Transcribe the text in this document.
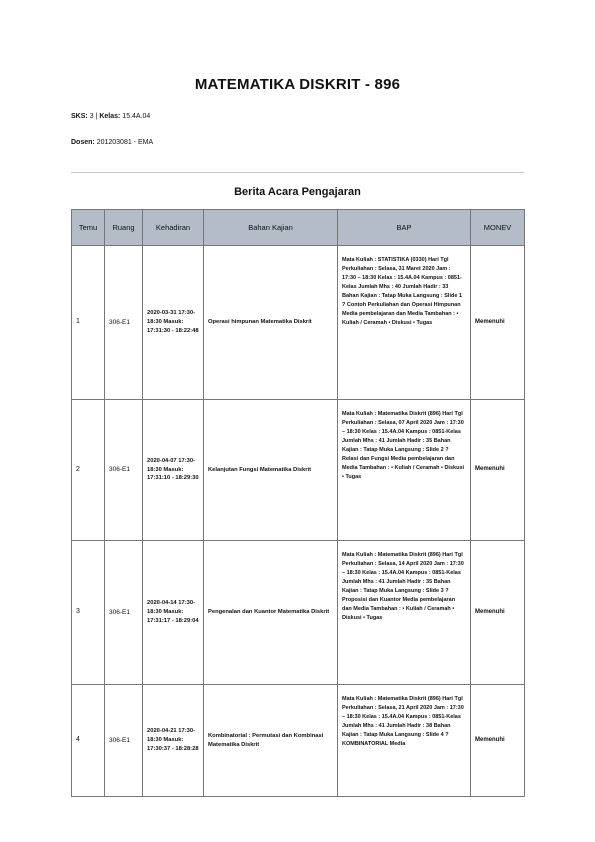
MATEMATIKA DISKRIT - 896
SKS: 3 | Kelas: 15.4A.04
Dosen: 201203081 - EMA
Berita Acara Pengajaran
Temu	Ruang	Kehadiran	Bahan Kajian	BAP	MONEV
1	306-E1	2020-03-31 17:30-18:30 Masuk: 17:31:30 - 18:22:48	Operasi himpunan Matematika Diskrit	Mata Kuliah : STATISTIKA (0330) Hari Tgl Perkuliahan : Selasa, 31 Maret 2020 Jam : 17:30 – 18:30 Kelas : 15.4A.04 Kampus : 0851-Kelas Jumlah Mhs : 40 Jumlah Hadir : 33 Bahan Kajian : Tatap Muka Langsung : Slide 1 ? Contoh Perkuliahan dan Operasi Himpunan Media pembelajaran dan Media Tambahan : • Kuliah / Ceramah • Diskusi • Tugas	Memenuhi
2	306-E1	2020-04-07 17:30-18:30 Masuk: 17:31:10 - 18:29:30	Kelanjutan Fungsi Matematika Diskrit	Mata Kuliah : Matematika Diskrit (896) Hari Tgl Perkuliahan : Selasa, 07 April 2020 Jam : 17:30 – 18:30 Kelas : 15.4A.04 Kampus : 0851-Kelas Jumlah Mhs : 41 Jumlah Hadir : 35 Bahan Kajian : Tatap Muka Langsung : Slide 2 ? Relasi dan Fungsi Media pembelajaran dan Media Tambahan : • Kuliah / Ceramah • Diskusi • Tugas	Memenuhi
3	306-E1	2020-04-14 17:30-18:30 Masuk: 17:31:17 - 18:29:04	Pengenalan dan Kuantor Matematika Diskrit	Mata Kuliah : Matematika Diskrit (896) Hari Tgl Perkuliahan : Selasa, 14 April 2020 Jam : 17:30 – 18:30 Kelas : 15.4A.04 Kampus : 0851-Kelas Jumlah Mhs : 41 Jumlah Hadir : 35 Bahan Kajian : Tatap Muka Langsung : Slide 3 ? Proposisi dan Kuantor Media pembelajaran dan Media Tambahan : • Kuliah / Ceramah • Diskusi • Tugas	Memenuhi
4	306-E1	2020-04-21 17:30-18:30 Masuk: 17:30:37 - 18:28:28	Kombinatorial : Permutasi dan Kombinasi Matematika Diskrit	Mata Kuliah : Matematika Diskrit (896) Hari Tgl Perkuliahan : Selasa, 21 April 2020 Jam : 17:30 – 18:30 Kelas : 15.4A.04 Kampus : 0851-Kelas Jumlah Mhs : 41 Jumlah Hadir : 38 Bahan Kajian : Tatap Muka Langsung : Slide 4 ? KOMBINATORIAL Media	Memenuhi
